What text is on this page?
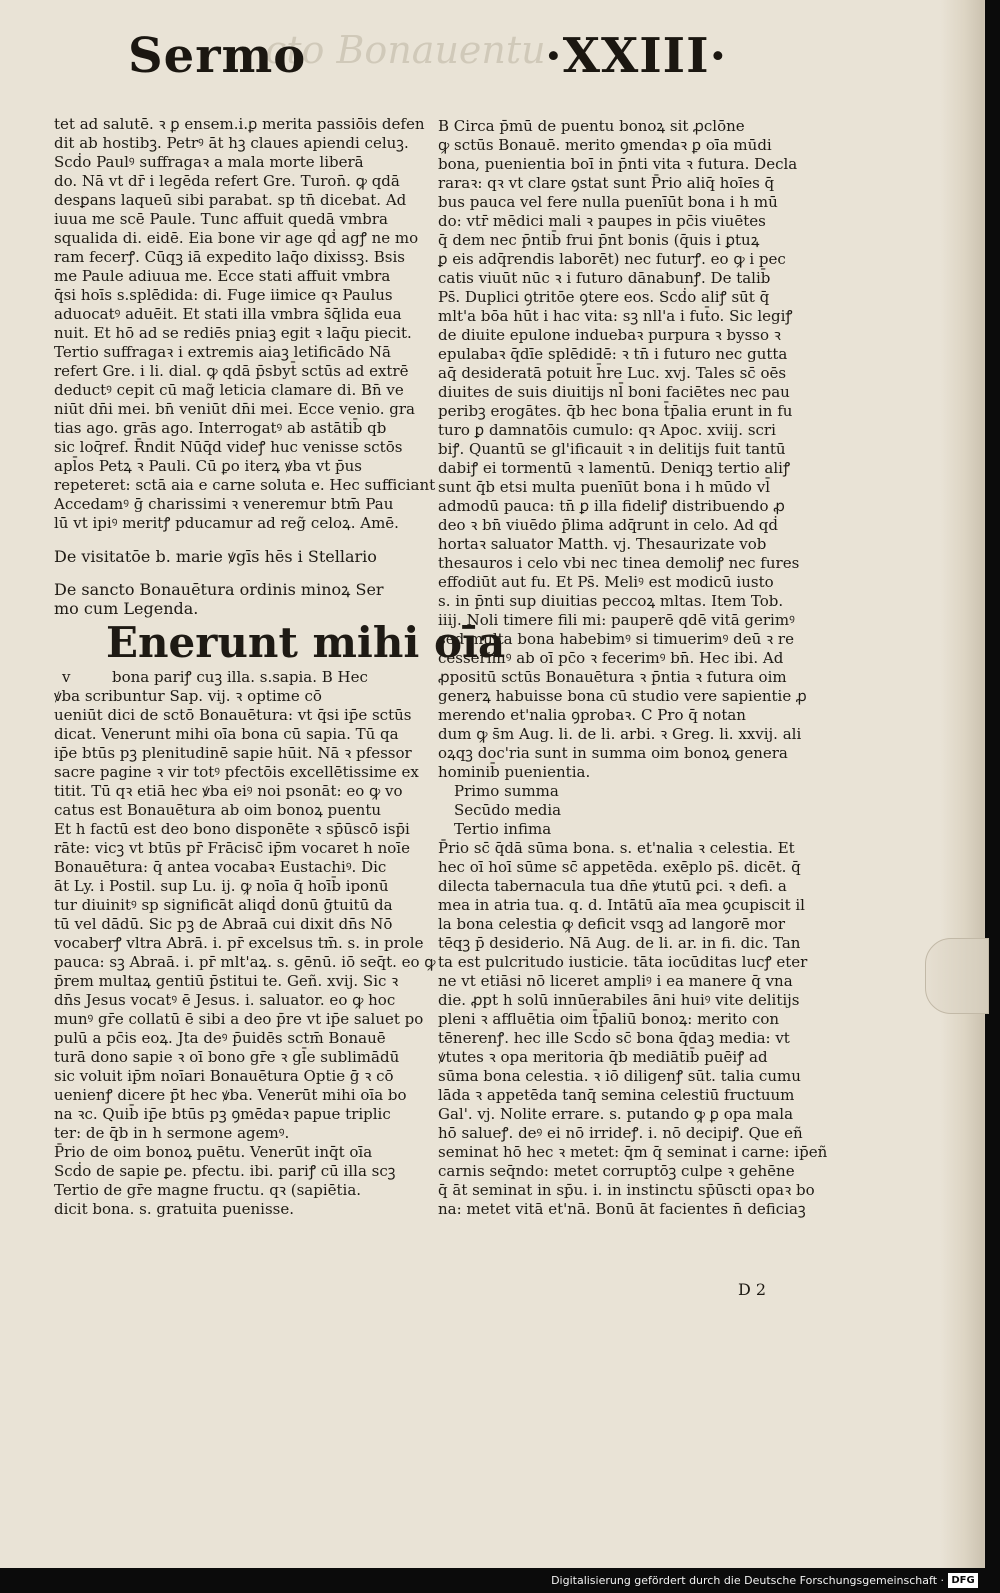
cto Bonauentu
Sermo	·XXIII·
tet ad salutē. ꝛ ꝑ ensem.i.ꝑ merita passiōis defen
dit ab hostibꝫ. Petrꝰ āt hꝫ claues apiendi celuꝫ.
Scḋo Paulꝰ suffragaꝛ a mala morte liberā
do. Nā vt dr̄ i legēda refert Gre. Turon̄. ꝙ qdā
desꝑans laqueū sibi parabat. sp tn̄ dicebat. Ad
iuua me scē Paule. Tunc affuit quedā vmbra
squalida di. eidē. Eia bone vir age qḋ agꝭ ne mo
ram fecerꝭ. Cūqꝫ iā expedito laq̄o dixissꝫ. Bsis
me Paule adiuua me. Ecce stati affuit vmbra
q̄si hoīs s.splēdida: di. Fuge iimice qꝛ Paulus
aduocatꝰ aduēit. Et stati illa vmbra s̄q̄lida eua
nuit. Et hō ad se rediēs pniaꝫ egit ꝛ laq̄u piecit.
Tertio suffragaꝛ i extremis aiaꝫ leti̇ficādo Nā
refert Gre. i li. dial. ꝙ qdā p̄sbyt̄ sctūs ad extrē
deductꝰ cepit cū mag̃ leticia clamare di. Bn̄ ve
niūt dn̄i mei. bn̄ veniūt dn̄i mei. Ecce venio. gra
tias ago. grās ago. Interrogatꝰ ab astātib̄ qb
sic loq̄ref. R̄ndit Nūq̄d videꝭ huc venisse sctōs
apl̄os Petꝝ ꝛ Pauli. Cū ꝑo iterꝝ ꝟba vt p̄us
repeteret: sctā aia e carne soluta e. Hec sufficiant
Accedamꝰ ḡ charissimi ꝛ veneremur btm̄ Pau
lū vt ipiꝰ meritꝭ pducamur ad reg̃ celoꝝ. Amē.
De visitatōe b. marie ꝟgīs hēs i Stellario
De sancto Bonauētura ordinis minoꝝ Ser
mo cum Legenda.
Enerunt mihi oīa
v	bona pariꝭ cuꝫ illa. s.sapia. B Hec
ꝟba scribuntur Sap. vij. ꝛ optime cō
ueniūt dici de sctō Bonauētura: vt q̄si ip̄e sctūs
dicat. Venerunt mihi oīa bona cū sapia. Tū qa
ip̄e btūs pꝫ plenitudinē sapie hūit. Nā ꝛ pfessor
sacre pagine ꝛ vir totꝰ pfectōis excellētissime ex
titit. Tū qꝛ etiā hec ꝟba eiꝰ noi psonāt: eo ꝙ vo
catus est Bonauētura ab oim bonoꝝ puentu
Et h factū est deo bono disponēte ꝛ sp̄ūscō isp̄i
rāte: vicꝫ vt btūs pr̄ Frācisc̄ ip̄m vocaret h noīe
Bonauētura: q̄ antea vocabaꝛ Eustachiꝰ. Dic
āt Ly. i Postil. sup Lu. ij. ꝙ noīa q̄ hoīb̄ iponū
tur diuinitꝰ sp significāt aliqḋ donū ḡtuitū da
tū vel dādū. Sic pꝫ de Abraā cui dixit dn̄s Nō
vocaberꝭ vltra Abrā. i. pr̄ excelsus tm̄. s. in prole
pauca: sꝫ Abraā. i. pr̄ mlt'aꝝ. s. gēnū. iō seq̄t. eo ꝙ
p̄rem multaꝝ gentiū p̄stitui te. Geñ. xvij. Sic ꝛ
dn̄s Jesus vocatꝰ ē Jesus. i. saluator. eo ꝙ hoc
munꝰ gr̄e collatū ē sibi a deo p̄re vt ip̄e saluet po
pulū a pc̄is eoꝝ. Jta deꝰ p̄uidēs sctm̄ Bonauē
turā dono sapie ꝛ oī bono gr̄e ꝛ gl̄e sublimādū
sic voluit ip̄m noīari Bonauētura Optie ḡ ꝛ cō
uenienꝭ dicere p̄t hec ꝟba. Venerūt mihi oīa bo
na ꝛc. Quib̄ ip̄e btūs pꝫ ꝯmēdaꝛ papue triplic
ter: de q̄b in h sermone agemꝰ.
P̄rio de oim bonoꝝ puētu. Venerūt inq̄t oīa
Scḋo de sapie ꝑe. pfectu. ibi. pariꝭ cū illa scꝫ
Tertio de gr̄e magne fructu. qꝛ (sapiētia.
dicit bona. s. gratuita puenisse.
B Circa p̄mū de puentu bonoꝝ sit ꝓclōne
ꝙ sctūs Bonauē. merito ꝯmendaꝛ ꝑ oīa mūdi
bona, puenientia boī in p̄nti vita ꝛ futura. Decla
raraꝛ: qꝛ vt clare ꝯstat sunt P̄rio aliq̄ hoīes q̄
bus pauca vel fere nulla puenīūt bona i h mū
do: vtr̄ mēdici mali ꝛ paupes in pc̄is viuētes
q̄ dem nec p̄ntib̄ frui p̄nt bonis (q̄uis i ꝑtuꝝ
ꝑ eis adq̄rendis laborēt) nec futurꝭ. eo ꝙ i pec
catis viuūt nūc ꝛ i futuro dānabunꝭ. De talib̄
Ps̄. Duplici ꝯtritōe ꝯtere eos. Scḋo aliꝭ sūt q̄
mlt'a bōa hūt i hac vita: sꝫ nll'a i fut̄o. Sic legiꝭ
de diuite epulone induebaꝛ purpura ꝛ bysso ꝛ
epulabaꝛ q̄dīe splēdidē: ꝛ tn̄ i futuro nec gutta
aq̄ desideratā potuit h̄re Luc. xvj. Tales sc̄ oēs
diuites de suis diuitijs nl̄ boni faciētes nec pau
peribꝫ erogātes. q̄b hec bona t̄p̄alia erunt in fu
turo ꝑ damnatōis cumulo: qꝛ Apoc. xviij. scri
biꝭ. Quantū se gl'ificauit ꝛ in delitijs fuit tantū
dabiꝭ ei tormentū ꝛ lamentū. Deniqꝫ tertio aliꝭ
sunt q̄b etsi multa puenīūt bona i h mūdo vl̄
admodū pauca: tn̄ ꝑ illa fideliꝭ distribuendo ꝓ
deo ꝛ bn̄ viuēdo p̄lima adq̄runt in celo. Ad qḋ
hortaꝛ saluator Matth. vj. Thesaurizate vob
thesauros i celo vbi nec tinea demoliꝭ nec fures
effodiūt aut fu. Et Ps̄. Meliꝰ est modicū iusto
s. in p̄nti sup diuitias peccoꝝ mltas. Item Tob.
iiij. Noli timere fili mi: pauperē qdē vitā gerimꝰ
sed multa bona habebimꝰ si timuerimꝰ deū ꝛ re
cesserimꝰ ab oī pc̄o ꝛ fecerimꝰ bn̄. Hec ibi. Ad
ꝓpositū sctūs Bonauētura ꝛ p̄ntia ꝛ futura oim
generꝝ habuisse bona cū studio vere sapientie ꝓ
merendo et'nalia ꝯprobaꝛ. C Pro q̄ notan
dum ꝙ s̄m Aug. li. de li. arbi. ꝛ Greg. li. xxvij. ali
oꝝqꝫ doc'ria sunt in summa oim bonoꝝ genera
hominib̄ puenientia.
Primo summa
Secūdo media
Tertio infima
P̄rio sc̄ q̄dā sūma bona. s. et'nalia ꝛ celestia. Et
hec oī hoī sūme sc̄ appetēda. exēplo ps̄. dicēt. q̄
dilecta tabernacula tua dn̄e ꝟtutū ꝑci. ꝛ defi. a
mea in atria tua. q. d. Intātū aīa mea ꝯcupiscit il
la bona celestia ꝙ deficit vsqꝫ ad langorē mor
tēqꝫ p̄ desiderio. Nā Aug. de li. ar. in fi. dic. Tan
ta est pulcritudo iusticie. tāta iocūditas lucꝭ eter
ne vt etiāsi nō liceret ampliꝰ i ea manere q̄ vna
die. ꝓpt h solū innūerabiles āni huiꝰ vite delitijs
pleni ꝛ affluētia oim t̄p̄aliū bonoꝝ: merito con
tēnerenꝭ. hec ille Scḋo sc̄ bona q̄daꝫ media: vt
ꝟtutes ꝛ opa meritoria q̄b mediātib̄ puēiꝭ ad
sūma bona celestia. ꝛ iō diligenꝭ sūt. talia cumu
lāda ꝛ appetēda tanq̄ semina celestiū fructuum
Gal'. vj. Nolite errare. s. putando ꝙ ꝑ opa mala
hō salueꝭ. deꝰ ei nō irrideꝭ. i. nō decipiꝭ. Que eñ
seminat hō hec ꝛ metet: q̄m q̄ seminat i carne: ip̄eñ
carnis seq̄ndo: metet corruptōꝫ culpe ꝛ gehēne
q̄ āt seminat in sp̄u. i. in instinctu sp̄ūscti opaꝛ bo
na: metet vitā et'nā. Bonū āt facientes n̄ deficiaꝫ
D 2
Digitalisierung gefördert durch die Deutsche Forschungsgemeinschaft · DFG
